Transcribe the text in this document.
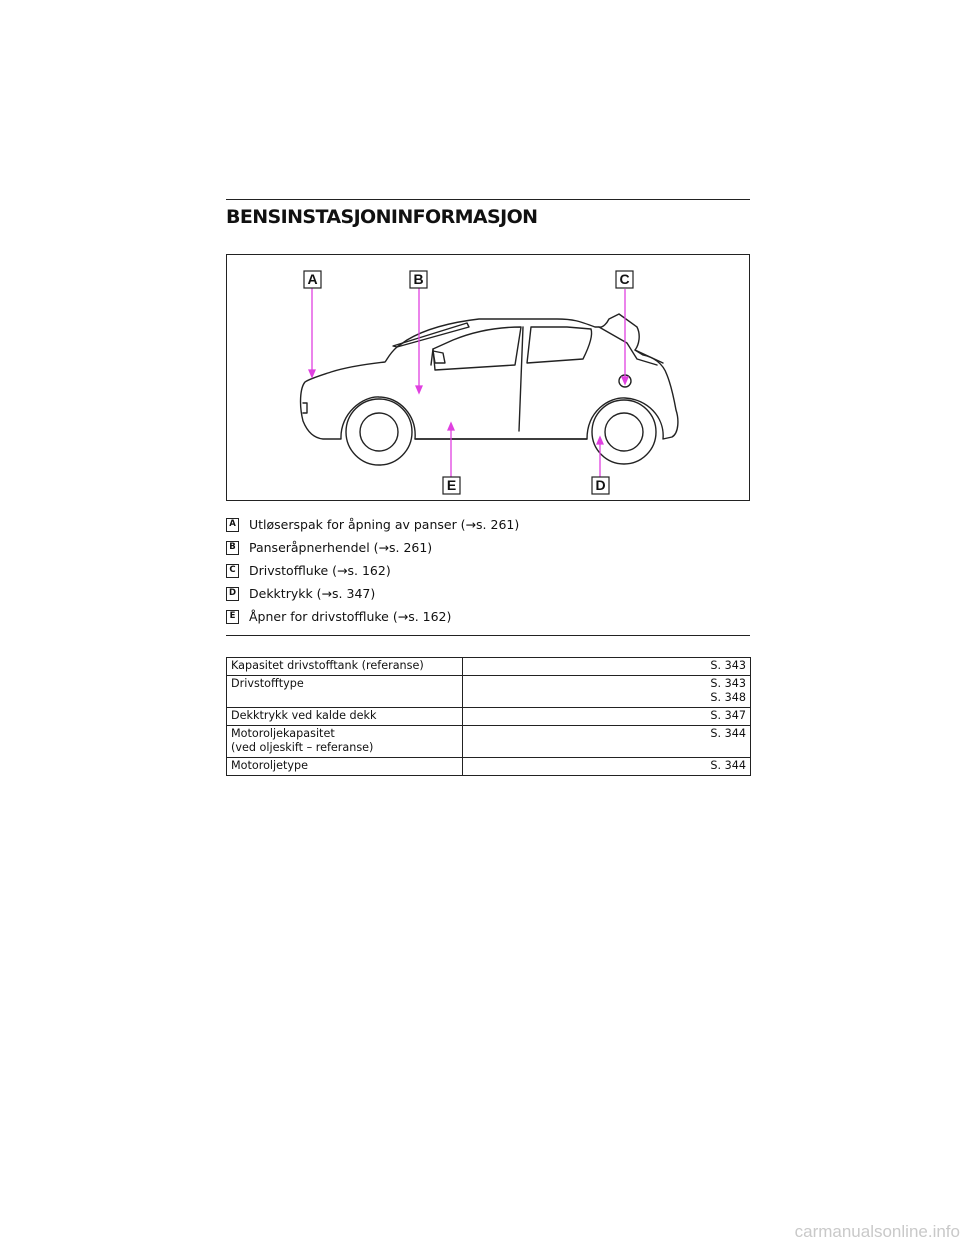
BENSINSTASJONINFORMASJON
A	B	C
E	D
A Utløserspak for åpning av panser (→s. 261)
B Panseråpnerhendel (→s. 261)
C Drivstoffluke (→s. 162)
D Dekktrykk (→s. 347)
E Åpner for drivstoffluke (→s. 162)
Kapasitet drivstofftank (referanse)	S. 343
Drivstofftype	S. 343
S. 348
Dekktrykk ved kalde dekk	S. 347
Motoroljekapasitet
(ved oljeskift – referanse)	S. 344
Motoroljetype	S. 344
carmanualsonline.info
